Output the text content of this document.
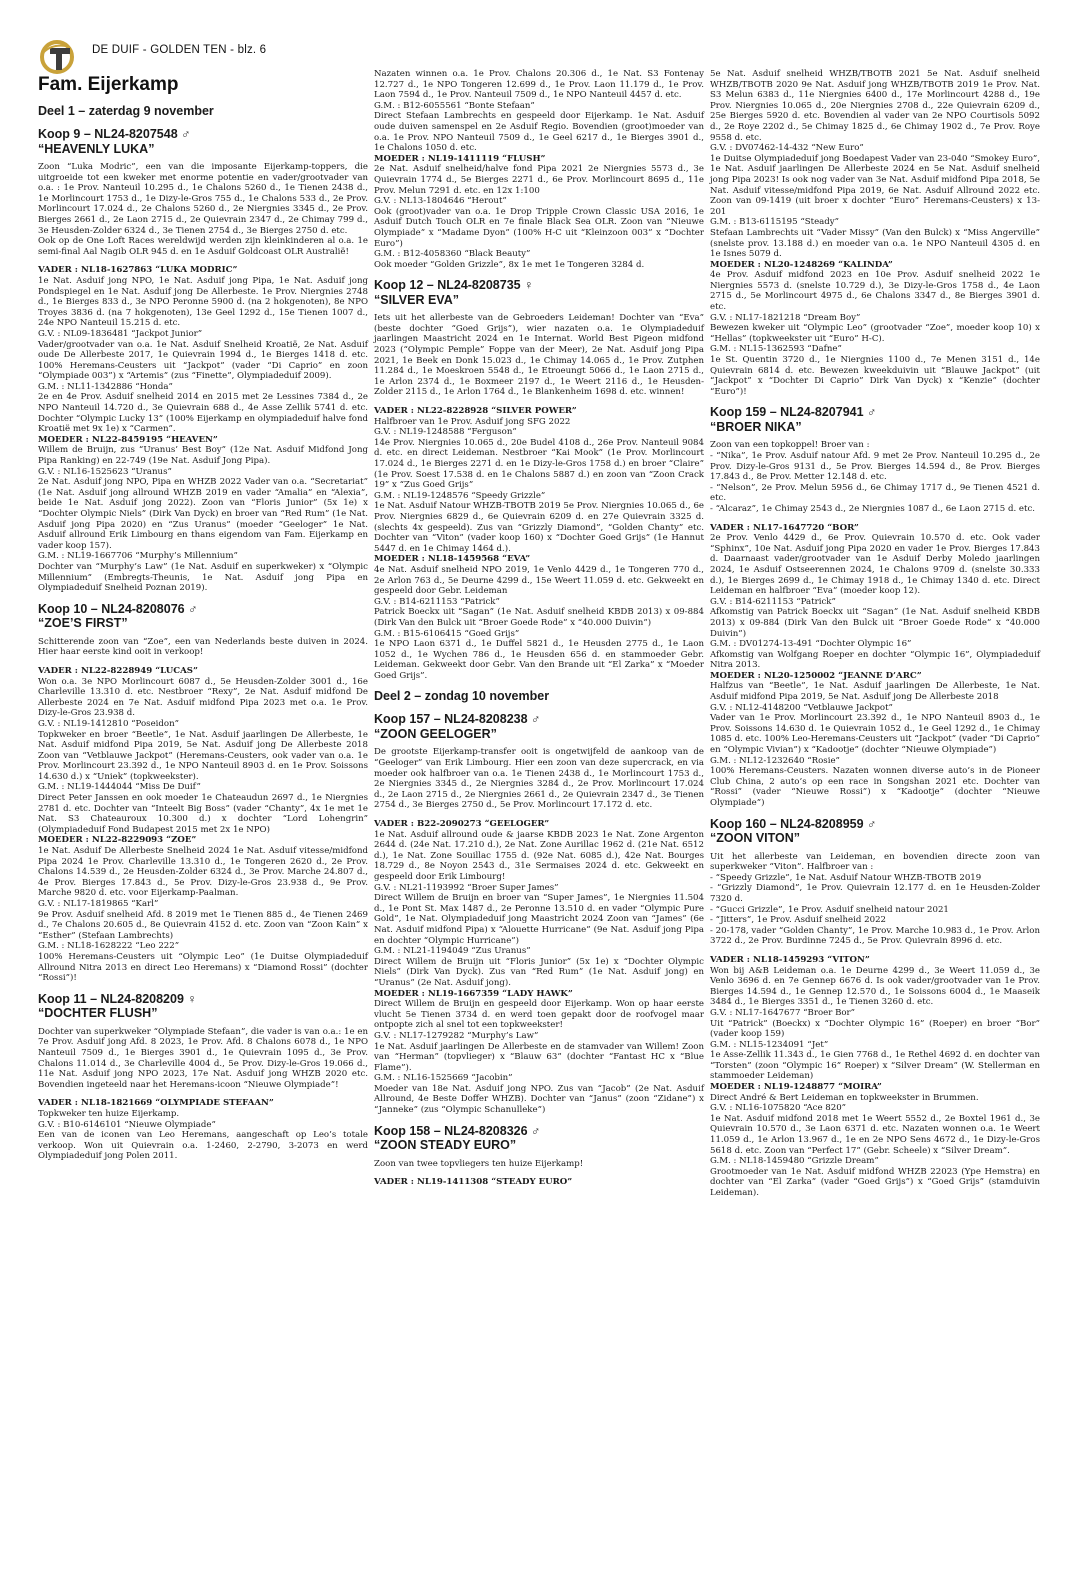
DE DUIF - GOLDEN TEN - blz. 6
Fam. Eijerkamp
Deel 1 – zaterdag 9 november
Koop 9 – NL24-8207548 ♂
“HEAVENLY LUKA”

Zoon “Luka Modric”, een van die imposante Eijerkamp-toppers, die uitgroeide tot een kweker met enorme potentie en vader/grootvader van o.a. : 1e Prov. Nanteuil 10.295 d., 1e Chalons 5260 d., 1e Tienen 2438 d., 1e Morlincourt 1753 d., 1e Dizy-le-Gros 755 d., 1e Chalons 533 d., 2e Prov. Morlincourt 17.024 d., 2e Chalons 5260 d., 2e Niergnies 3345 d., 2e Prov. Bierges 2661 d., 2e Laon 2715 d., 2e Quievrain 2347 d., 2e Chimay 799 d., 3e Heusden-Zolder 6324 d., 3e Tienen 2754 d., 3e Bierges 2750 d. etc.

Ook op de One Loft Races wereldwijd werden zijn kleinkinderen al o.a. 1e semi-final Aal Nagib OLR 945 d. en 1e Asduif Goldcoast OLR Australië!

VADER : NL18-1627863 “LUKA MODRIC”
1e Nat. Asduif jong NPO, 1e Nat. Asduif jong Pipa, 1e Nat. Asduif jong Pondspiegel en 1e Nat. Asduif jong De Allerbeste. 1e Prov. Niergnies 2748 d., 1e Bierges 833 d., 3e NPO Peronne 5900 d. (na 2 hokgenoten), 8e NPO Troyes 3836 d. (na 7 hokgenoten), 13e Geel 1292 d., 15e Tienen 1007 d., 24e NPO Nanteuil 15.215 d. etc.
G.V. : NL09-1836481 “Jackpot Junior”
Vader/grootvader van o.a. 1e Nat. Asduif Snelheid Kroatië, 2e Nat. Asduif oude De Allerbeste 2017, 1e Quievrain 1994 d., 1e Bierges 1418 d. etc. 100% Heremans-Ceusters uit “Jackpot” (vader “Di Caprio” en zoon “Olympiade 003”) x “Artemis” (zus “Finette”, Olympiadeduif 2009).
G.M. : NL11-1342886 “Honda”
2e en 4e Prov. Asduif snelheid 2014 en 2015 met 2e Lessines 7384 d., 2e NPO Nanteuil 14.720 d., 3e Quievrain 688 d., 4e Asse Zellik 5741 d. etc. Dochter “Olympic Lucky 13” (100% Eijerkamp en olympiadeduif halve fond Kroatië met 9x 1e) x “Carmen”.
MOEDER : NL22-8459195 “HEAVEN”
Willem de Bruijn, zus “Uranus’ Best Boy” (12e Nat. Asduif Midfond Jong Pipa Ranking) en 22-749 (19e Nat. Asduif Jong Pipa).
G.V. : NL16-1525623 “Uranus”
2e Nat. Asduif jong NPO, Pipa en WHZB 2022 Vader van o.a. “Secretariat” (1e Nat. Asduif jong allround WHZB 2019 en vader “Amalia” en “Alexia”, beide 1e Nat. Asduif jong 2022). Zoon van “Floris Junior” (5x 1e) x “Dochter Olympic Niels” (Dirk Van Dyck) en broer van “Red Rum” (1e Nat. Asduif jong Pipa 2020) en “Zus Uranus” (moeder “Geeloger” 1e Nat. Asduif allround Erik Limbourg en thans eigendom van Fam. Eijerkamp en vader koop 157).
G.M. : NL19-1667706 “Murphy’s Millennium”
Dochter van “Murphy’s Law” (1e Nat. Asduif en superkweker) x “Olympic Millennium” (Embregts-Theunis, 1e Nat. Asduif jong Pipa en Olympiadeduif Snelheid Poznan 2019).
Koop 10 – NL24-8208076 ♂
“ZOE’S FIRST”

Schitterende zoon van “Zoe”, een van Nederlands beste duiven in 2024. Hier haar eerste kind ooit in verkoop!

VADER : NL22-8228949 “LUCAS”
Won o.a. 3e NPO Morlincourt 6087 d., 5e Heusden-Zolder 3001 d., 16e Charleville 13.310 d. etc. Nestbroer “Rexy”, 2e Nat. Asduif midfond De Allerbeste 2024 en 7e Nat. Asduif midfond Pipa 2023 met o.a. 1e Prov. Dizy-le-Gros 23.938 d.
G.V. : NL19-1412810 “Poseidon”
Topkweker en broer “Beetle”, 1e Nat. Asduif jaarlingen De Allerbeste, 1e Nat. Asduif midfond Pipa 2019, 5e Nat. Asduif jong De Allerbeste 2018 Zoon van “Vetblauwe Jackpot” (Heremans-Ceusters, ook vader van o.a. 1e Prov. Morlincourt 23.392 d., 1e NPO Nanteuil 8903 d. en 1e Prov. Soissons 14.630 d.) x “Uniek” (topkweekster).
G.M. : NL19-1444044 “Miss De Duif”
Direct Peter Janssen en ook moeder 1e Chateaudun 2697 d., 1e Niergnies 2781 d. etc. Dochter van “Inteelt Big Boss” (vader “Chanty”, 4x 1e met 1e Nat. S3 Chateauroux 10.300 d.) x dochter “Lord Lohengrin” (Olympiadeduif Fond Budapest 2015 met 2x 1e NPO)
MOEDER : NL22-8229093 “ZOE”
1e Nat. Asduif De Allerbeste Snelheid 2024 1e Nat. Asduif vitesse/midfond Pipa 2024 1e Prov. Charleville 13.310 d., 1e Tongeren 2620 d., 2e Prov. Chalons 14.539 d., 2e Heusden-Zolder 6324 d., 3e Prov. Marche 24.807 d., 4e Prov. Bierges 17.843 d., 5e Prov. Dizy-le-Gros 23.938 d., 9e Prov. Marche 9820 d. etc. voor Eijerkamp-Paalman.
G.V. : NL17-1819865 “Karl”
9e Prov. Asduif snelheid Afd. 8 2019 met 1e Tienen 885 d., 4e Tienen 2469 d., 7e Chalons 20.605 d., 8e Quievrain 4152 d. etc. Zoon van “Zoon Kain” x “Esther” (Stefaan Lambrechts)
G.M. : NL18-1628222 “Leo 222”
100% Heremans-Ceusters uit “Olympic Leo” (1e Duitse Olympiadeduif Allround Nitra 2013 en direct Leo Heremans) x “Diamond Rossi” (dochter “Rossi”)!
Koop 11 – NL24-8208209 ♀
“DOCHTER FLUSH”

Dochter van superkweker “Olympiade Stefaan”, die vader is van o.a.: 1e en 7e Prov. Asduif jong Afd. 8 2023, 1e Prov. Afd. 8 Chalons 6078 d., 1e NPO Nanteuil 7509 d., 1e Bierges 3901 d., 1e Quievrain 1095 d., 3e Prov. Chalons 11.014 d., 3e Charleville 4004 d., 5e Prov. Dizy-le-Gros 19.066 d., 11e Nat. Asduif jong NPO 2023, 17e Nat. Asduif jong WHZB 2020 etc. Bovendien ingeteeld naar het Heremans-icoon “Nieuwe Olympiade”!

VADER : NL18-1821669 “OLYMPIADE STEFAAN”
Topkweker ten huize Eijerkamp.
G.V. : B10-6146101 “Nieuwe Olympiade”
Een van de iconen van Leo Heremans, aangeschaft op Leo’s totale verkoop. Won uit Quievrain o.a. 1-2460, 2-2790, 3-2073 en werd Olympiadeduif jong Polen 2011.
Nazaten winnen o.a. 1e Prov. Chalons 20.306 d., 1e Nat. S3 Fontenay 12.727 d., 1e NPO Tongeren 12.699 d., 1e Prov. Laon 11.179 d., 1e Prov. Laon 7594 d., 1e Prov. Nanteuil 7509 d., 1e NPO Nanteuil 4457 d. etc.
G.M. : B12-6055561 “Bonte Stefaan”
Direct Stefaan Lambrechts en gespeeld door Eijerkamp. 1e Nat. Asduif oude duiven samenspel en 2e Asduif Regio. Bovendien (groot)moeder van o.a. 1e Prov. NPO Nanteuil 7509 d., 1e Geel 6217 d., 1e Bierges 3901 d., 1e Chalons 1050 d. etc.
MOEDER : NL19-1411119 “FLUSH”
2e Nat. Asduif snelheid/halve fond Pipa 2021 2e Niergnies 5573 d., 3e Quievrain 1774 d., 5e Bierges 2271 d., 6e Prov. Morlincourt 8695 d., 11e Prov. Melun 7291 d. etc. en 12x 1:100
G.V. : NL13-1804646 “Herout”
Ook (groot)vader van o.a. 1e Drop Tripple Crown Classic USA 2016, 1e Asduif Dutch Touch OLR en 7e finale Black Sea OLR. Zoon van “Nieuwe Olympiade” x “Madame Dyon” (100% H-C uit “Kleinzoon 003” x “Dochter Euro”)
G.M. : B12-4058360 “Black Beauty”
Ook moeder “Golden Grizzle”, 8x 1e met 1e Tongeren 3284 d.
Koop 12 – NL24-8208735 ♀
“SILVER EVA”

Iets uit het allerbeste van de Gebroeders Leideman! Dochter van “Eva” (beste dochter “Goed Grijs”), wier nazaten o.a. 1e Olympiadeduif jaarlingen Maastricht 2024 en 1e Internat. World Best Pigeon midfond 2023 (“Olympic Pemple” Foppe van der Meer), 2e Nat. Asduif jong Pipa 2021, 1e Beek en Donk 15.023 d., 1e Chimay 14.065 d., 1e Prov. Zutphen 11.284 d., 1e Moeskroen 5548 d., 1e Etroeungt 5066 d., 1e Laon 2715 d., 1e Arlon 2374 d., 1e Boxmeer 2197 d., 1e Weert 2116 d., 1e Heusden-Zolder 2115 d., 1e Arlon 1764 d., 1e Blankenheim 1698 d. etc. winnen!

VADER : NL22-8228928 “SILVER POWER”
Halfbroer van 1e Prov. Asduif jong SFG 2022
G.V. : NL19-1248588 “Ferguson”
14e Prov. Niergnies 10.065 d., 20e Budel 4108 d., 26e Prov. Nanteuil 9084 d. etc. en direct Leideman. Nestbroer “Kai Mook” (1e Prov. Morlincourt 17.024 d., 1e Bierges 2271 d. en 1e Dizy-le-Gros 1758 d.) en broer “Claire” (1e Prov. Soest 17.538 d. en 1e Chalons 5887 d.) en zoon van “Zoon Crack 19” x “Zus Goed Grijs”
G.M. : NL19-1248576 “Speedy Grizzle”
1e Nat. Asduif Natour WHZB-TBOTB 2019 5e Prov. Niergnies 10.065 d., 6e Prov. Niergnies 6829 d., 6e Quievrain 6209 d. en 27e Quievrain 3325 d. (slechts 4x gespeeld). Zus van “Grizzly Diamond”, “Golden Chanty” etc. Dochter van “Viton” (vader koop 160) x “Dochter Goed Grijs” (1e Hannut 5447 d. en 1e Chimay 1464 d.).
MOEDER : NL18-1459568 “EVA”
4e Nat. Asduif snelheid NPO 2019, 1e Venlo 4429 d., 1e Tongeren 770 d., 2e Arlon 763 d., 5e Deurne 4299 d., 15e Weert 11.059 d. etc. Gekweekt en gespeeld door Gebr. Leideman
G.V. : B14-6211153 “Patrick”
Patrick Boeckx uit “Sagan” (1e Nat. Asduif snelheid KBDB 2013) x 09-884 (Dirk Van den Bulck uit “Broer Goede Rode” x “40.000 Duivin”)
G.M. : B15-6106415 “Goed Grijs”
1e NPO Laon 6371 d., 1e Duffel 5821 d., 1e Heusden 2775 d., 1e Laon 1052 d., 1e Wychen 786 d., 1e Heusden 656 d. en stammoeder Gebr. Leideman. Gekweekt door Gebr. Van den Brande uit “El Zarka” x “Moeder Goed Grijs”.
Deel 2 – zondag 10 november
Koop 157 – NL24-8208238 ♂
“ZOON GEELOGER”

De grootste Eijerkamp-transfer ooit is ongetwijfeld de aankoop van de “Geeloger” van Erik Limbourg. Hier een zoon van deze supercrack, en via moeder ook halfbroer van o.a. 1e Tienen 2438 d., 1e Morlincourt 1753 d., 2e Niergnies 3345 d., 2e Niergnies 3284 d., 2e Prov. Morlincourt 17.024 d., 2e Laon 2715 d., 2e Niergnies 2661 d., 2e Quievrain 2347 d., 3e Tienen 2754 d., 3e Bierges 2750 d., 5e Prov. Morlincourt 17.172 d. etc.

VADER : B22-2090273 “GEELOGER”
1e Nat. Asduif allround oude & jaarse KBDB 2023 1e Nat. Zone Argenton 2644 d. (24e Nat. 17.210 d.), 2e Nat. Zone Aurillac 1962 d. (21e Nat. 6512 d.), 1e Nat. Zone Souillac 1755 d. (92e Nat. 6085 d.), 42e Nat. Bourges 18.729 d., 8e Noyon 2543 d., 31e Sermaises 2024 d. etc. Gekweekt en gespeeld door Erik Limbourg!
G.V. : NL21-1193992 “Broer Super James”
Direct Willem de Bruijn en broer van “Super James”, 1e Niergnies 11.504 d., 1e Pont St. Max 1487 d., 2e Peronne 13.510 d. en vader “Olympic Pure Gold”, 1e Nat. Olympiadeduif jong Maastricht 2024 Zoon van “James” (6e Nat. Asduif midfond Pipa) x “Alouette Hurricane” (9e Nat. Asduif jong Pipa en dochter “Olympic Hurricane”)
G.M. : NL21-1194049 “Zus Uranus”
Direct Willem de Bruijn uit “Floris Junior” (5x 1e) x “Dochter Olympic Niels” (Dirk Van Dyck). Zus van “Red Rum” (1e Nat. Asduif jong) en “Uranus” (2e Nat. Asduif jong).
MOEDER : NL19-1667359 “LADY HAWK”
Direct Willem de Bruijn en gespeeld door Eijerkamp. Won op haar eerste vlucht 5e Tienen 3734 d. en werd toen gepakt door de roofvogel maar ontpopte zich al snel tot een topkweekster!
G.V. : NL17-1279282 “Murphy’s Law”
1e Nat. Asduif jaarlingen De Allerbeste en de stamvader van Willem! Zoon van “Herman” (topvlieger) x “Blauw 63” (dochter “Fantast HC x “Blue Flame”).
G.M. : NL16-1525669 “Jacobin”
Moeder van 18e Nat. Asduif jong NPO. Zus van “Jacob” (2e Nat. Asduif Allround, 4e Beste Doffer WHZB). Dochter van “Janus” (zoon “Zidane”) x “Janneke” (zus “Olympic Schanulleke”)
Koop 158 – NL24-8208326 ♂
“ZOON STEADY EURO”

Zoon van twee topvliegers ten huize Eijerkamp!

VADER : NL19-1411308 “STEADY EURO”
5e Nat. Asduif snelheid WHZB/TBOTB 2021 5e Nat. Asduif snelheid WHZB/TBOTB 2020 9e Nat. Asduif jong WHZB/TBOTB 2019 1e Prov. Nat. S3 Melun 6383 d., 11e Niergnies 6400 d., 17e Morlincourt 4288 d., 19e Prov. Niergnies 10.065 d., 20e Niergnies 2708 d., 22e Quievrain 6209 d., 25e Bierges 5920 d. etc. Bovendien al vader van 2e NPO Courtisols 5092 d., 2e Roye 2202 d., 5e Chimay 1825 d., 6e Chimay 1902 d., 7e Prov. Roye 9558 d. etc.
G.V. : DV07462-14-432 “New Euro”
1e Duitse Olympiadeduif jong Boedapest Vader van 23-040 “Smokey Euro”, 1e Nat. Asduif jaarlingen De Allerbeste 2024 en 5e Nat. Asduif snelheid jong Pipa 2023! Is ook nog vader van 3e Nat. Asduif midfond Pipa 2018, 5e Nat. Asduif vitesse/midfond Pipa 2019, 6e Nat. Asduif Allround 2022 etc. Zoon van 09-1419 (uit broer x dochter “Euro” Heremans-Ceusters) x 13-201
G.M. : B13-6115195 “Steady”
Stefaan Lambrechts uit “Vader Missy” (Van den Bulck) x “Miss Angerville” (snelste prov. 13.188 d.) en moeder van o.a. 1e NPO Nanteuil 4305 d. en 1e Isnes 5079 d.
MOEDER : NL20-1248269 “KALINDA”
4e Prov. Asduif midfond 2023 en 10e Prov. Asduif snelheid 2022 1e Niergnies 5573 d. (snelste 10.729 d.), 3e Dizy-le-Gros 1758 d., 4e Laon 2715 d., 5e Morlincourt 4975 d., 6e Chalons 3347 d., 8e Bierges 3901 d. etc.
G.V. : NL17-1821218 “Dream Boy”
Bewezen kweker uit “Olympic Leo” (grootvader “Zoe”, moeder koop 10) x “Hellas” (topkweekster uit “Euro” H-C).
G.M. : NL15-1362593 “Dafne”
1e St. Quentin 3720 d., 1e Niergnies 1100 d., 7e Menen 3151 d., 14e Quievrain 6814 d. etc. Bewezen kweekduivin uit “Blauwe Jackpot” (uit “Jackpot” x “Dochter Di Caprio” Dirk Van Dyck) x “Kenzie” (dochter “Euro”)!
Koop 159 – NL24-8207941 ♂
“BROER NIKA”
Zoon van een topkoppel! Broer van :
- “Nika”, 1e Prov. Asduif natour Afd. 9 met 2e Prov. Nanteuil 10.295 d., 2e Prov. Dizy-le-Gros 9131 d., 5e Prov. Bierges 14.594 d., 8e Prov. Bierges 17.843 d., 8e Prov. Metter 12.148 d. etc.
- “Nelson”, 2e Prov. Melun 5956 d., 6e Chimay 1717 d., 9e Tienen 4521 d. etc.
- “Alcaraz”, 1e Chimay 2543 d., 2e Niergnies 1087 d., 6e Laon 2715 d. etc.
VADER : NL17-1647720 “BOR”
2e Prov. Venlo 4429 d., 6e Prov. Quievrain 10.570 d. etc. Ook vader “Sphinx”, 10e Nat. Asduif jong Pipa 2020 en vader 1e Prov. Bierges 17.843 d. Daarnaast vader/grootvader van 1e Asduif Derby Moledo jaarlingen 2024, 1e Asduif Ostseerennen 2024, 1e Chalons 9709 d. (snelste 30.333 d.), 1e Bierges 2699 d., 1e Chimay 1918 d., 1e Chimay 1340 d. etc. Direct Leideman en halfbroer “Eva” (moeder koop 12).
G.V. : B14-6211153 “Patrick”
Afkomstig van Patrick Boeckx uit “Sagan” (1e Nat. Asduif snelheid KBDB 2013) x 09-884 (Dirk Van den Bulck uit “Broer Goede Rode” x “40.000 Duivin”)
G.M. : DV01274-13-491 “Dochter Olympic 16”
Afkomstig van Wolfgang Roeper en dochter “Olympic 16”, Olympiadeduif Nitra 2013.
MOEDER : NL20-1250002 “JEANNE D’ARC”
Halfzus van “Beetle”, 1e Nat. Asduif jaarlingen De Allerbeste, 1e Nat. Asduif midfond Pipa 2019, 5e Nat. Asduif jong De Allerbeste 2018
G.V. : NL12-4148200 “Vetblauwe Jackpot”
Vader van 1e Prov. Morlincourt 23.392 d., 1e NPO Nanteuil 8903 d., 1e Prov. Soissons 14.630 d. 1e Quievrain 1052 d., 1e Geel 1292 d., 1e Chimay 1085 d. etc. 100% Leo-Heremans-Ceusters uit “Jackpot” (vader “Di Caprio” en “Olympic Vivian”) x “Kadootje” (dochter “Nieuwe Olympiade”)
G.M. : NL12-1232640 “Rosie”
100% Heremans-Ceusters. Nazaten wonnen diverse auto’s in de Pioneer Club China, 2 auto’s op een race in Songshan 2021 etc. Dochter van “Rossi” (vader “Nieuwe Rossi”) x “Kadootje” (dochter “Nieuwe Olympiade”)
Koop 160 – NL24-8208959 ♂
“ZOON VITON”
Uit het allerbeste van Leideman, en bovendien directe zoon van superkweker “Viton”. Halfbroer van :
- “Speedy Grizzle”, 1e Nat. Asduif Natour WHZB-TBOTB 2019
- “Grizzly Diamond”, 1e Prov. Quievrain 12.177 d. en 1e Heusden-Zolder 7320 d.
- “Gucci Grizzle”, 1e Prov. Asduif snelheid natour 2021
- “Jitters”, 1e Prov. Asduif snelheid 2022
- 20-178, vader “Golden Chanty”, 1e Prov. Marche 10.983 d., 1e Prov. Arlon 3722 d., 2e Prov. Burdinne 7245 d., 5e Prov. Quievrain 8996 d. etc.
VADER : NL18-1459293 “VITON”
Won bij A&B Leideman o.a. 1e Deurne 4299 d., 3e Weert 11.059 d., 3e Venlo 3696 d. en 7e Gennep 6676 d. Is ook vader/grootvader van 1e Prov. Bierges 14.594 d., 1e Gennep 12.570 d., 1e Soissons 6004 d., 1e Maaseik 3484 d., 1e Bierges 3351 d., 1e Tienen 3260 d. etc.
G.V. : NL17-1647677 “Broer Bor”
Uit “Patrick” (Boeckx) x “Dochter Olympic 16” (Roeper) en broer “Bor” (vader koop 159)
G.M. : NL15-1234091 “Jet”
1e Asse-Zellik 11.343 d., 1e Gien 7768 d., 1e Rethel 4692 d. en dochter van “Torsten” (zoon “Olympic 16” Roeper) x “Silver Dream” (W. Stellerman en stammoeder Leideman)
MOEDER : NL19-1248877 “MOIRA”
Direct André & Bert Leideman en topkweekster in Brummen.
G.V. : NL16-1075820 “Ace 820”
1e Nat. Asduif midfond 2018 met 1e Weert 5552 d., 2e Boxtel 1961 d., 3e Quievrain 10.570 d., 3e Laon 6371 d. etc. Nazaten wonnen o.a. 1e Weert 11.059 d., 1e Arlon 13.967 d., 1e en 2e NPO Sens 4672 d., 1e Dizy-le-Gros 5618 d. etc. Zoon van “Perfect 17” (Gebr. Scheele) x “Silver Dream”.
G.M. : NL18-1459480 “Grizzle Dream”
Grootmoeder van 1e Nat. Asduif midfond WHZB 22023 (Ype Hemstra) en dochter van “El Zarka” (vader “Goed Grijs”) x “Goed Grijs” (stamduivin Leideman).
